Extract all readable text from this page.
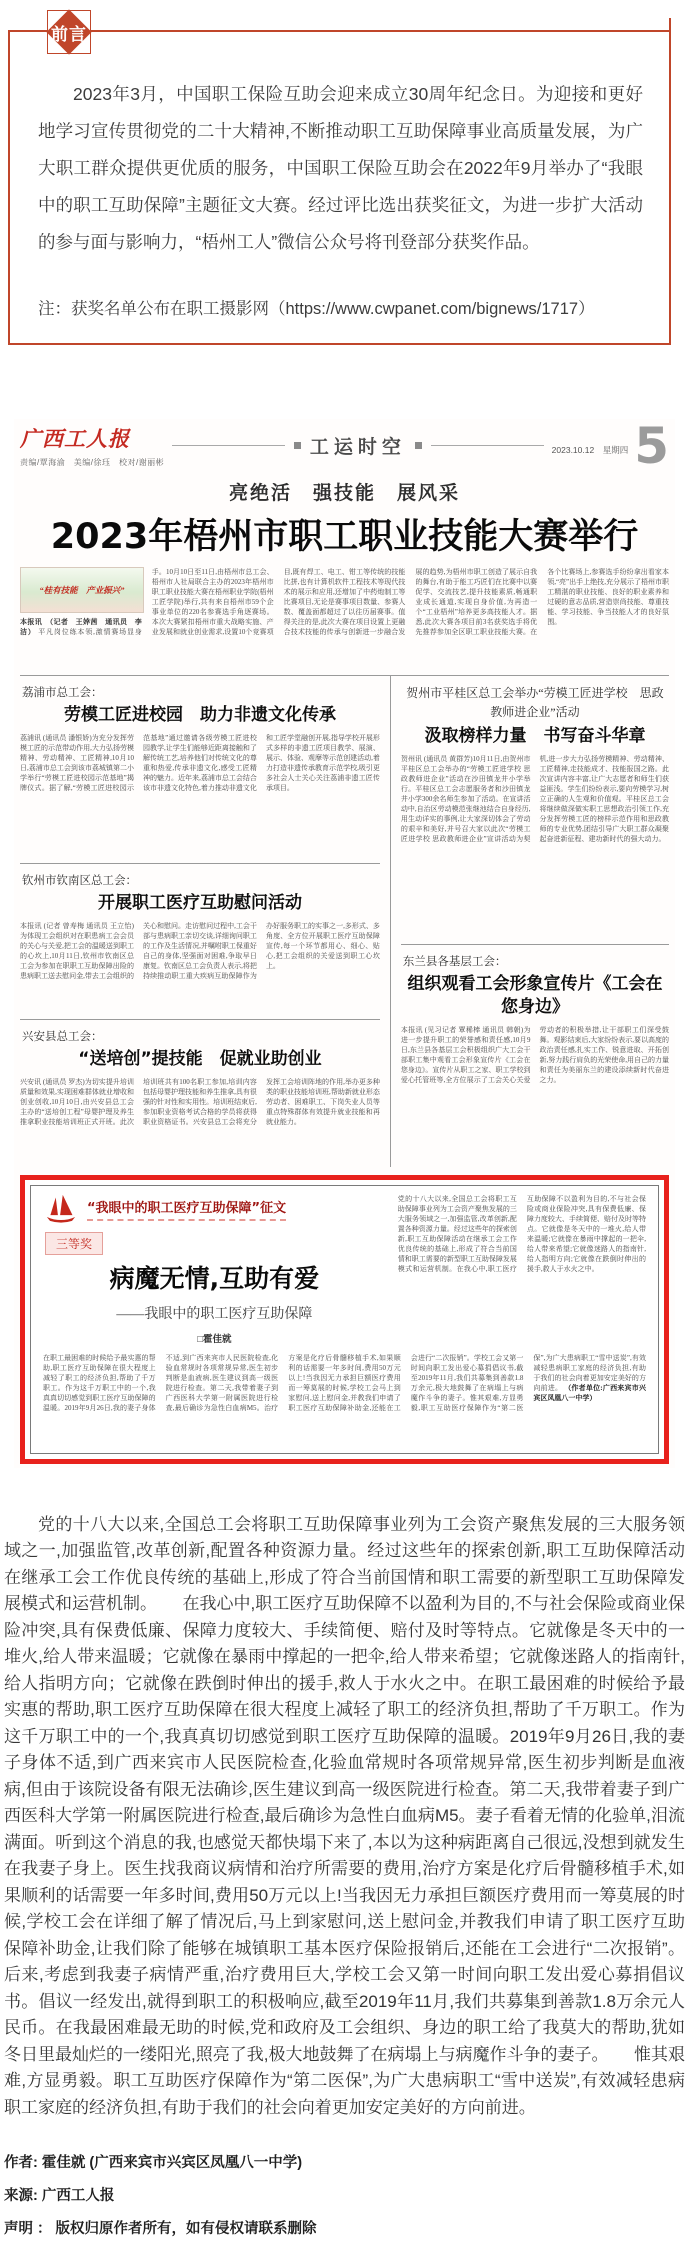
前言

2023年3月，中国职工保险互助会迎来成立30周年纪念日。为迎接和更好地学习宣传贯彻党的二十大精神,不断推动职工互助保障事业高质量发展，为广大职工群众提供更优质的服务，中国职工保险互助会在2022年9月举办了“我眼中的职工互助保障”主题征文大赛。经过评比选出获奖征文，为进一步扩大活动的参与面与影响力，“梧州工人”微信公众号将刊登部分获奖作品。

注：获奖名单公布在职工摄影网（https://www.cwpanet.com/bignews/1717）

广西工人报
责编/覃海渝　美编/徐珏　校对/谢丽彬
工运时空	2023.10.12　星期四 5
亮绝活　强技能　展风采
2023年梧州市职工职业技能大赛举行
“桂有技能　产业振兴”
本报讯　（记者　王婞茜　通讯员　李洁） 平凡岗位练本领,激情赛场显身手。10月10日至11日,由梧州市总工会、梧州市人社局联合主办的2023年梧州市职工职业技能大赛在梧州职业学院(梧州工匠学院)举行,共有来自梧州市59个企事业单位的220名参赛选手角逐赛场。本次大赛紧扣梧州市重大战略实施、产业发展和就业创业需求,设置10个竞赛项目,既有焊工、电工、钳工等传统的技能比拼,也有计算机软件工程技术等现代技术的展示和应用,还增加了中药炮制工等比赛项目,无论是赛事项目数量、参赛人数、覆盖面都超过了以往历届赛事。值得关注的是,此次大赛在项目设置上更融合技术技能的传承与创新进一步融合发展的趋势,为梧州市职工创造了展示自我的舞台,有助于能工巧匠们在比赛中以赛促学、交流技艺,提升技能素质,畅通职业成长通道,实现自身价值,为再造一个“工业梧州”培养更多高技能人才。据悉,此次大赛各项目前3名获奖选手将优先推荐参加全区职工职业技能大赛。在各个比赛场上,参赛选手纷纷拿出看家本领,“亮”出手上绝技,充分展示了梧州市职工精湛的职业技能、良好的职业素养和过硬的意志品质,营造崇尚技能、尊重技能、学习技能、争当技能人才的良好氛围。
荔浦市总工会：
劳模工匠进校园　助力非遗文化传承
荔浦讯 (通讯员 潘银娇)为充分发挥劳模工匠的示范带动作用,大力弘扬劳模精神、劳动精神、工匠精神,10月10日,荔浦市总工会到该市荔城镇第二小学举行“劳模工匠进校园示范基地”揭牌仪式。据了解,“劳模工匠进校园示范基地”通过邀请各级劳模工匠进校园教学,让学生们能够近距离接触和了解传统工艺,培养他们对传统文化的尊重和热爱,传承非遗文化,感受工匠精神的魅力。近年来,荔浦市总工会结合该市非遗文化特色,着力推动非遗文化和工匠学堂融创开展,指导学校开展形式多样的非遗工匠项目教学、展演、展示、体验、观摩等示范创建活动,着力打造非遗传承教育示范学校,吸引更多社会人士关心关注荔浦非遗工匠传承项目。
钦州市钦南区总工会：
开展职工医疗互助慰问活动
本报讯 (记者 曾寿梅 通讯员 王立怡)为体现工会组织对在职患病工会会员的关心与关爱,把工会的温暖送到职工的心坎上,10月11日,钦州市钦南区总工会为参加在职职工互助保障出险的患病职工送去慰问金,带去工会组织的关心和慰问。走访慰问过程中,工会干部与患病职工亲切交谈,详细询问职工的工作及生活情况,并嘱咐职工保重好自己的身体,坚强面对困难,争取早日康复。钦南区总工会负责人表示,将把持续推动职工重大疾病互助保障作为办好服务职工的实事之一,多形式、多角度、全方位开展职工医疗互助保障宣传,每一个环节都用心、细心、贴心,把工会组织的关爱送到职工心坎上。
兴安县总工会：
“送培创”提技能　促就业助创业
兴安讯 (通讯员 罗杰)为切实提升培训质量和效果,实现困难群体就业增收和创业创收,10月10日,由兴安县总工会主办的“送培创工程”母婴护理及养生推拿职业技能培训班正式开班。此次培训班共有100名职工参加,培训内容包括母婴护理技能和养生推拿,具有很强的针对性和实用性。培训班结束后,参加职业资格考试合格的学员将获得职业资格证书。兴安县总工会将充分发挥工会培训阵地的作用,举办更多种类的职业技能培训班,帮助新就业形态劳动者、困难职工、下岗失业人员等重点特殊群体有效提升就业技能和再就业能力。
贺州市平桂区总工会举办“劳模工匠进学校　思政教师进企业”活动
汲取榜样力量　书写奋斗华章
贺州讯 (通讯员 黄群芳)10月11日,由贺州市平桂区总工会举办的“劳模工匠进学校 思政教师进企业”活动在沙田镇龙井小学举行。平桂区总工会志愿服务者和沙田镇龙井小学300余名师生参加了活动。在宣讲活动中,自治区劳动模范张继池结合自身经历,用生动详实的事例,让大家深切体会了劳动的艰辛和美好,并号召大家以此次“劳模工匠进学校 思政教师进企业”宣讲活动为契机,进一步大力弘扬劳模精神、劳动精神、工匠精神,走技能成才、技能报国之路。此次宣讲内容丰富,让广大志愿者和师生们获益匪浅。学生们纷纷表示,要向劳模学习,树立正确的人生观和价值观。平桂区总工会将继续做深做实职工思想政治引领工作,充分发挥劳模工匠的榜样示范作用和思政教师的专业优势,团结引导广大职工群众凝聚起奋进新征程、建功新时代的强大动力。
东兰县各基层工会：
组织观看工会形象宣传片《工会在您身边》
本报讯 (见习记者 覃稀棒 通讯员 韩朝)为进一步提升职工的荣誉感和责任感,10月9日,东兰县各基层工会积极组织广大工会干部职工集中观看工会形象宣传片《工会在您身边》。宣传片从职工之家、职工学校到爱心托管班等,全方位展示了工会关心关爱劳动者的积极举措,让干部职工们深受鼓舞。观影结束后,大家纷纷表示,要以高度的政治责任感,扎实工作、锐意进取、开拓创新,努力践行肩负的光荣使命,用自己的力量和责任为美丽东兰的建设添续新时代奋进之力。
“我眼中的职工医疗互助保障”征文
三等奖
病魔无情,互助有爱
——我眼中的职工医疗互助保障
□霍佳就
党的十八大以来,全国总工会将职工互助保障事业列为工会资产聚焦发展的三大服务领域之一,加强监管,改革创新,配置各种资源力量。经过这些年的探索创新,职工互助保障活动在继承工会工作优良传统的基础上,形成了符合当前国情和职工需要的新型职工互助保障发展模式和运营机制。在我心中,职工医疗互助保障不以盈利为目的,不与社会保险或商业保险冲突,具有保费低廉、保障力度较大、手续简便、赔付及时等特点。它就像是冬天中的一堆火,给人带来温暖;它就像在暴雨中撑起的一把伞,给人带来希望;它就像迷路人的指南针,给人指明方向;它就像在跌倒时伸出的援手,救人于水火之中。
在职工最困难的时候给予最实惠的帮助,职工医疗互助保障在很大程度上减轻了职工的经济负担,帮助了千万职工。作为这千万职工中的一个,我真真切切感觉到职工医疗互助保障的温暖。2019年9月26日,我的妻子身体不适,到广西来宾市人民医院检查,化验血常规时各项常规异常,医生初步判断是血液病,医生建议到高一级医院进行检查。第二天,我带着妻子到广西医科大学第一附属医院进行检查,最后确诊为急性白血病M5。治疗方案是化疗后骨髓移植手术,如果顺利的话需要一年多时间,费用50万元以上!当我因无力承担巨额医疗费用而一筹莫展的时候,学校工会马上到家慰问,送上慰问金,并教我们申请了职工医疗互助保障补助金,还能在工会进行“二次报销”。学校工会又第一时间向职工发出爱心募捐倡议书,截至2019年11月,我们共募集到善款1.8万余元,极大地鼓舞了在病塌上与病魔作斗争的妻子。惟其艰难,方显勇毅,职工互助医疗保障作为“第二医保”,为广大患病职工“雪中送炭”,有效减轻患病职工家庭的经济负担,有助于我们的社会向着更加安定美好的方向前进。 （作者单位:广西来宾市兴宾区凤凰八一中学）

党的十八大以来,全国总工会将职工互助保障事业列为工会资产聚焦发展的三大服务领域之一,加强监管,改革创新,配置各种资源力量。经过这些年的探索创新,职工互助保障活动在继承工会工作优良传统的基础上,形成了符合当前国情和职工需要的新型职工互助保障发展模式和运营机制。　　在我心中,职工医疗互助保障不以盈利为目的,不与社会保险或商业保险冲突,具有保费低廉、保障力度较大、手续简便、赔付及时等特点。它就像是冬天中的一堆火,给人带来温暖；它就像在暴雨中撑起的一把伞,给人带来希望；它就像迷路人的指南针,给人指明方向；它就像在跌倒时伸出的援手,救人于水火之中。在职工最困难的时候给予最实惠的帮助,职工医疗互助保障在很大程度上减轻了职工的经济负担,帮助了千万职工。作为这千万职工中的一个,我真真切切感觉到职工医疗互助保障的温暖。2019年9月26日,我的妻子身体不适,到广西来宾市人民医院检查,化验血常规时各项常规异常,医生初步判断是血液病,但由于该院设备有限无法确诊,医生建议到高一级医院进行检查。第二天,我带着妻子到广西医科大学第一附属医院进行检查,最后确诊为急性白血病M5。妻子看着无情的化验单,泪流满面。听到这个消息的我,也感觉天都快塌下来了,本以为这种病距离自己很远,没想到就发生在我妻子身上。医生找我商议病情和治疗所需要的费用,治疗方案是化疗后骨髓移植手术,如果顺利的话需要一年多时间,费用50万元以上!当我因无力承担巨额医疗费用而一筹莫展的时候,学校工会在详细了解了情况后,马上到家慰问,送上慰问金,并教我们申请了职工医疗互助保障补助金,让我们除了能够在城镇职工基本医疗保险报销后,还能在工会进行“二次报销”。后来,考虑到我妻子病情严重,治疗费用巨大,学校工会又第一时间向职工发出爱心募捐倡议书。倡议一经发出,就得到职工的积极响应,截至2019年11月,我们共募集到善款1.8万余元人民币。在我最困难最无助的时候,党和政府及工会组织、身边的职工给了我莫大的帮助,犹如冬日里最灿烂的一缕阳光,照亮了我,极大地鼓舞了在病塌上与病魔作斗争的妻子。　　惟其艰难,方显勇毅。职工互助医疗保障作为“第二医保”,为广大患病职工“雪中送炭”,有效减轻患病职工家庭的经济负担,有助于我们的社会向着更加安定美好的方向前进。

作者: 霍佳就 (广西来宾市兴宾区凤凰八一中学)
来源: 广西工人报
声明 ： 版权归原作者所有，如有侵权请联系删除
